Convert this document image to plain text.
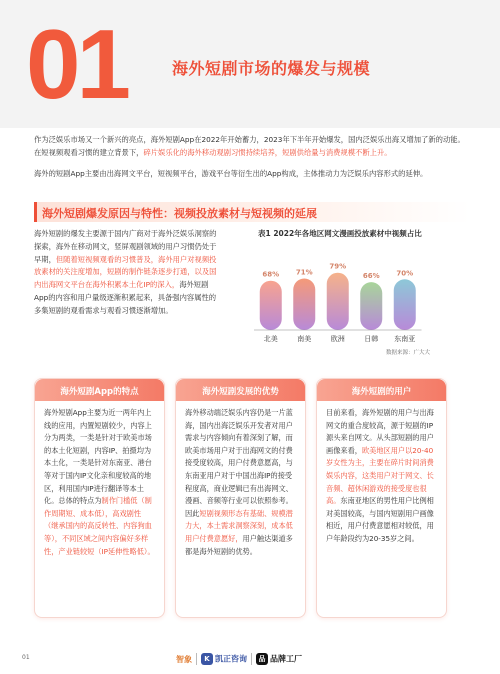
01	海外短剧市场的爆发与规模

作为泛娱乐市场又一个新兴的亮点，海外短剧App在2022年开始蓄力，2023年下半年开始爆发，国内泛娱乐出海又增加了新的动能。在短视频观看习惯的建立背景下，碎片娱乐化的海外移动观剧习惯持续培养，短剧供给量与消费规模不断上升。

海外的短剧App主要由出海网文平台，短视频平台，游戏平台等衍生出的App构成，主体推动力为泛娱乐内容形式的延伸。

海外短剧爆发原因与特性：视频投放素材与短视频的延展

海外短剧的爆发主要源于国内广商对于海外泛娱乐洞察的探索，海外在移动网文，竖屏观剧领域的用户习惯仍处于早期，但随着短视频观看的习惯普及，海外用户对视频投放素材的关注度增加，短剧的制作链条逐步打通，以及国内出海网文平台在海外积累本土化IP的深入，海外短剧App的内容和用户量级逐渐积累起来，具备强内容属性的多集短剧的观看需求与观看习惯逐渐增加。

表1 2022年各地区网文漫画投放素材中视频占比
68%
北美
71%
南美
79%
欧洲
66%
日韩
70%
东南亚
数据来源：广大大
海外短剧App的特点

海外短剧App主要为近一两年内上线的应用，内置短剧较少，内容上分为两类，一类是针对于欧美市场的本土化短剧，内容IP、拍摄均为本土化，一类是针对东南亚、港台等对于国内IP文化亲和度较高的地区，利用国内IP进行翻译等本土化。总体的特点为制作门槛低（制作周期短、成本低），高戏剧性（继承国内的高反转性、内容狗血等），不同区域之间内容偏好多样性，产业链较短（IP延伸性略低）。

海外短剧发展的优势

海外移动端泛娱乐内容仍是一片蓝海，国内出海泛娱乐开发者对用户需求与内容倾向有着深刻了解，而欧美市场用户对于出海网文的付费接受度较高，用户付费意愿高，与东南亚用户对于中国出海IP的接受程度高，商业逻辑已有出海网文、漫画、音频等行业可以依照参考。因此短剧视频形态有基础、规模潜力大，本土需求洞察深刻，成本低用户付费意愿好，用户触达渠道多都是海外短剧的优势。

海外短剧的用户

目前来看，海外短剧的用户与出海网文的重合度较高，源于短剧的IP源头来自网文。从头部短剧的用户画像来看，欧美地区用户以20-40岁女性为主，主要在碎片时间消费娱乐内容，这类用户对于网文、长音频、超休闲游戏的接受度也很高。东南亚地区的男性用户比例相对美国较高，与国内短剧用户画像相近，用户付费意愿相对较低，用户年龄段约为20-35岁之间。

智象	K 凯正咨询	品 品牌工厂
01
